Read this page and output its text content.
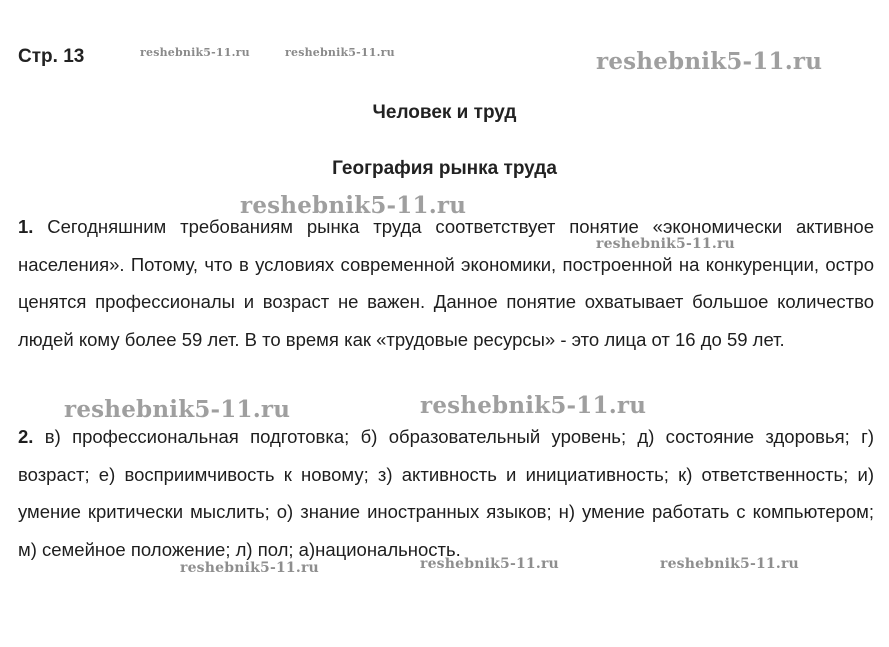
Стр. 13
Человек и труд
География рынка труда
1. Сегодняшним требованиям рынка труда соответствует понятие «экономически активное населения». Потому, что в условиях современной экономики, построенной на конкуренции, остро ценятся профессионалы и возраст не важен. Данное понятие охватывает большое количество людей кому более 59 лет. В то время как «трудовые ресурсы» - это лица от 16 до 59 лет.
2. в) профессиональная подготовка; б) образовательный уровень; д) состояние здоровья; г) возраст; е) восприимчивость к новому; з) активность и инициативность; к) ответственность; и) умение критически мыслить; о) знание иностранных языков; н) умение работать с компьютером; м) семейное положение; л) пол; а)национальность.
reshebnik5-11.ru	reshebnik5-11.ru	reshebnik5-11.ru
reshebnik5-11.ru
reshebnik5-11.ru
reshebnik5-11.ru	reshebnik5-11.ru
reshebnik5-11.ru	reshebnik5-11.ru	reshebnik5-11.ru
